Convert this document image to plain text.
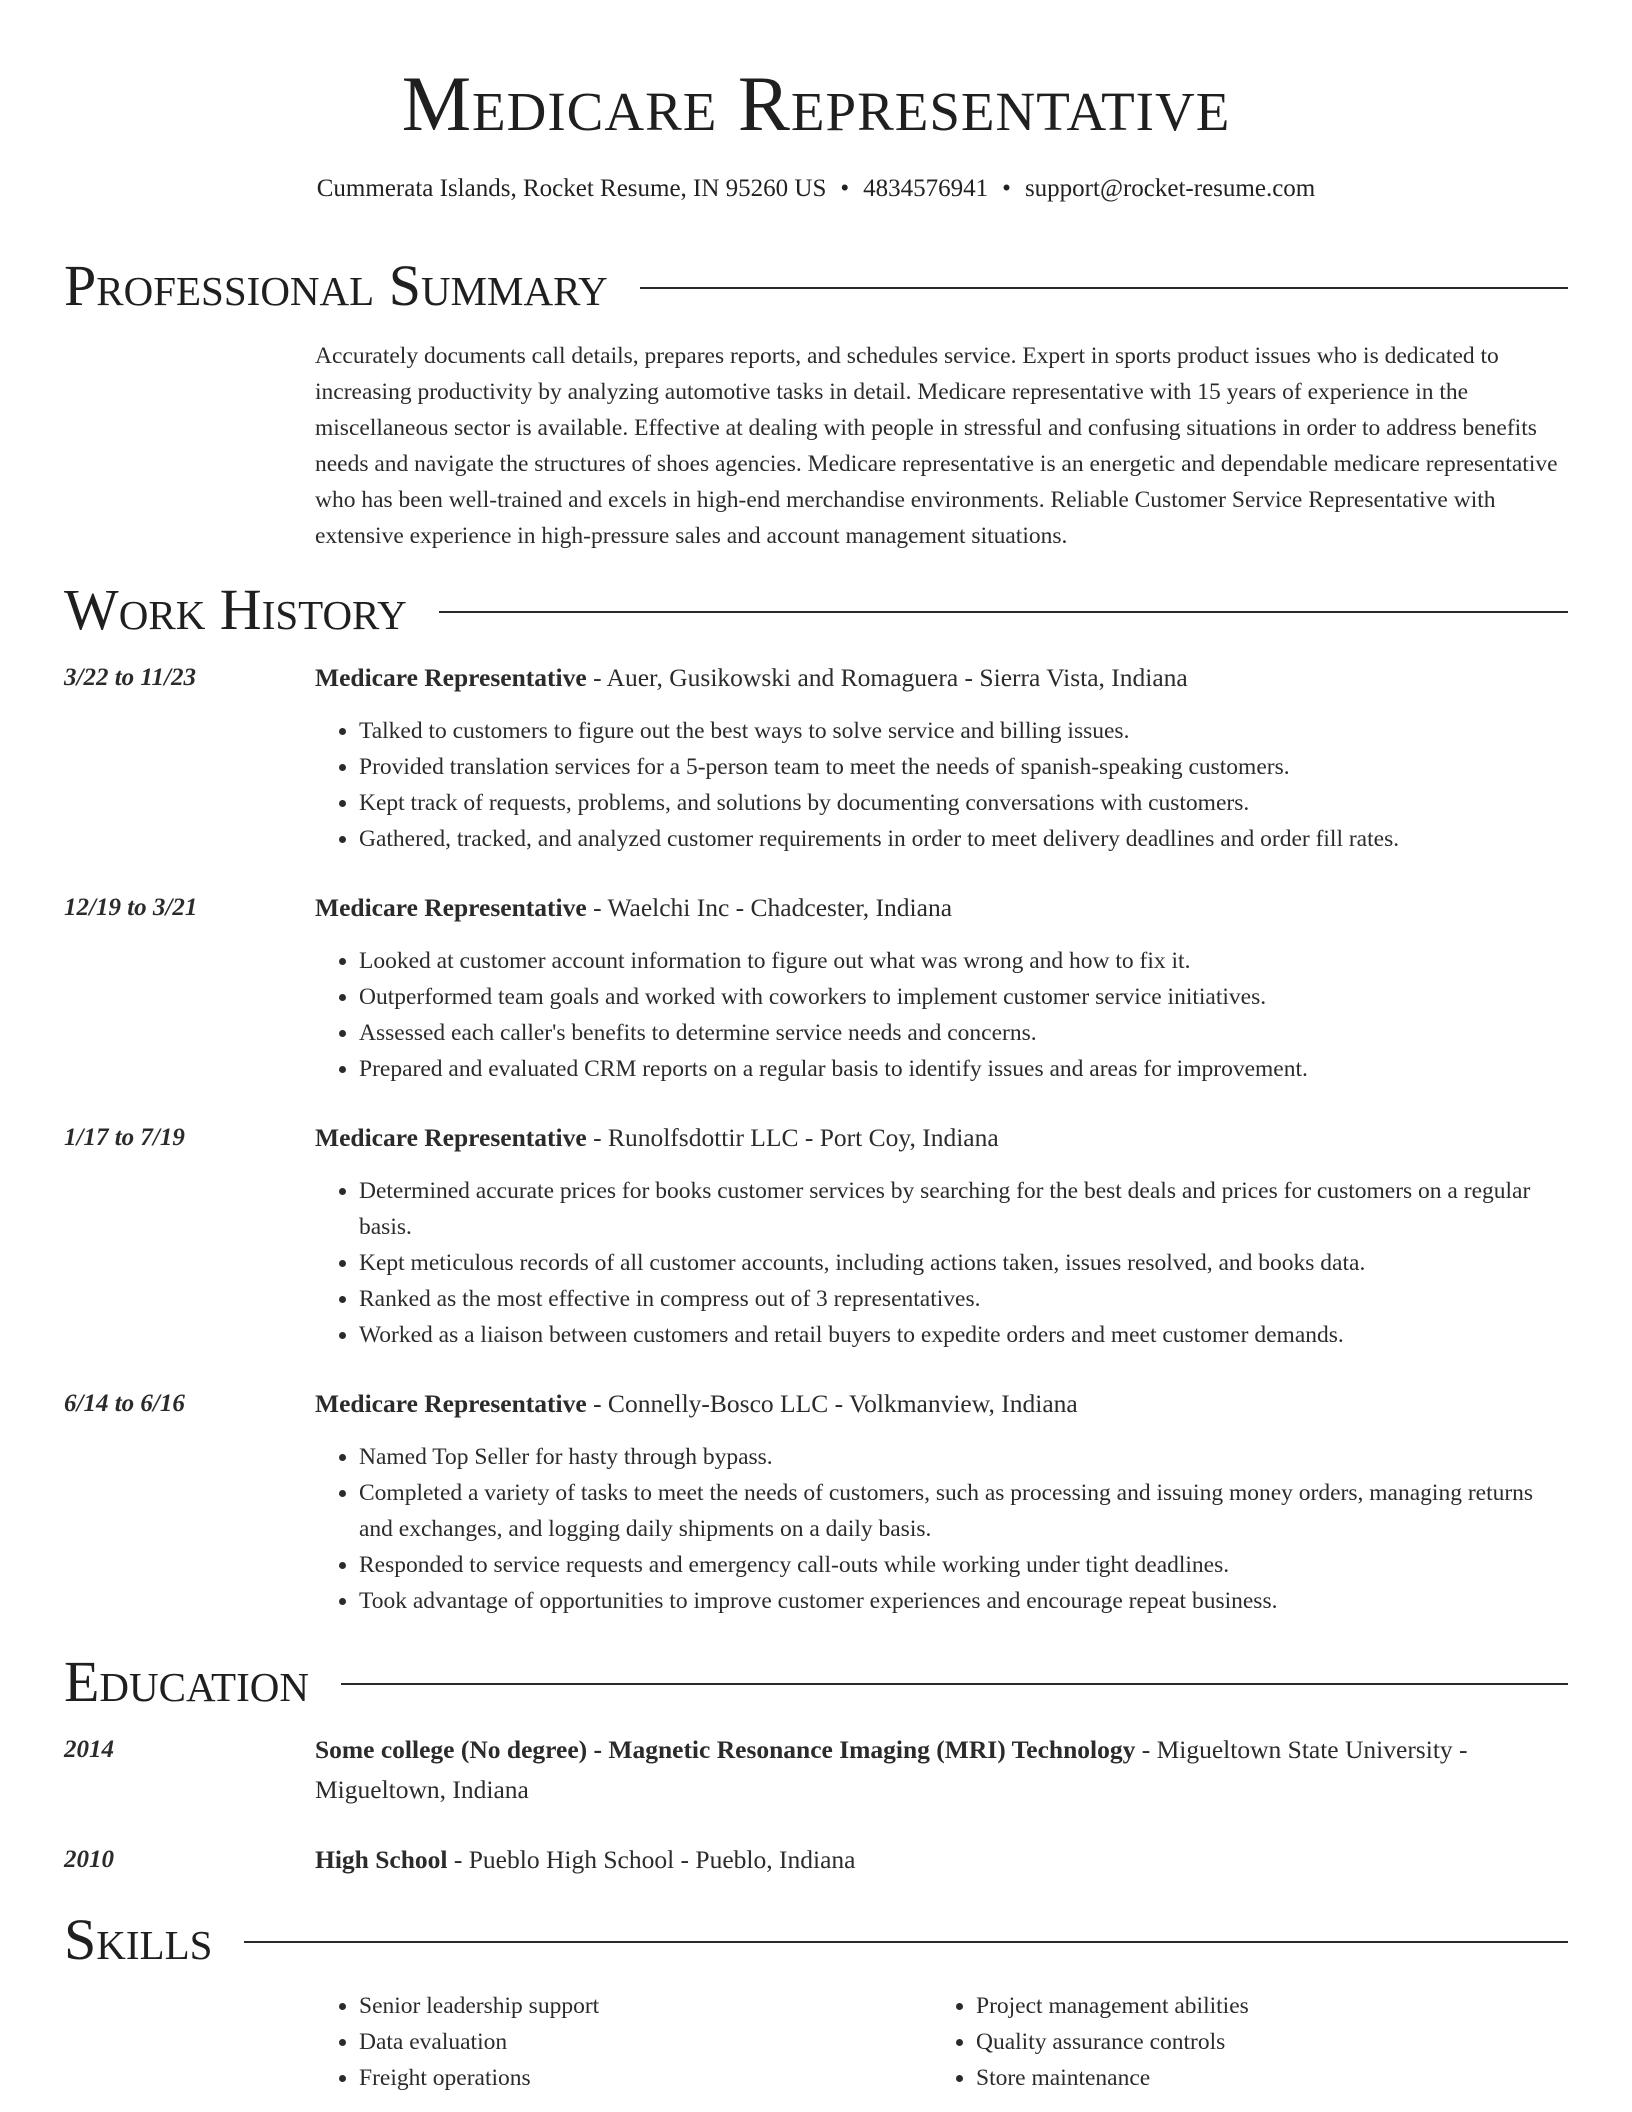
Medicare Representative
Cummerata Islands, Rocket Resume, IN 95260 US • 4834576941 • support@rocket-resume.com
Professional Summary
Accurately documents call details, prepares reports, and schedules service. Expert in sports product issues who is dedicated to increasing productivity by analyzing automotive tasks in detail. Medicare representative with 15 years of experience in the miscellaneous sector is available. Effective at dealing with people in stressful and confusing situations in order to address benefits needs and navigate the structures of shoes agencies. Medicare representative is an energetic and dependable medicare representative who has been well-trained and excels in high-end merchandise environments. Reliable Customer Service Representative with extensive experience in high-pressure sales and account management situations.
Work History
3/22 to 11/23	Medicare Representative - Auer, Gusikowski and Romaguera - Sierra Vista, Indiana
• Talked to customers to figure out the best ways to solve service and billing issues.
• Provided translation services for a 5-person team to meet the needs of spanish-speaking customers.
• Kept track of requests, problems, and solutions by documenting conversations with customers.
• Gathered, tracked, and analyzed customer requirements in order to meet delivery deadlines and order fill rates.
12/19 to 3/21	Medicare Representative - Waelchi Inc - Chadcester, Indiana
• Looked at customer account information to figure out what was wrong and how to fix it.
• Outperformed team goals and worked with coworkers to implement customer service initiatives.
• Assessed each caller's benefits to determine service needs and concerns.
• Prepared and evaluated CRM reports on a regular basis to identify issues and areas for improvement.
1/17 to 7/19	Medicare Representative - Runolfsdottir LLC - Port Coy, Indiana
• Determined accurate prices for books customer services by searching for the best deals and prices for customers on a regular basis.
• Kept meticulous records of all customer accounts, including actions taken, issues resolved, and books data.
• Ranked as the most effective in compress out of 3 representatives.
• Worked as a liaison between customers and retail buyers to expedite orders and meet customer demands.
6/14 to 6/16	Medicare Representative - Connelly-Bosco LLC - Volkmanview, Indiana
• Named Top Seller for hasty through bypass.
• Completed a variety of tasks to meet the needs of customers, such as processing and issuing money orders, managing returns and exchanges, and logging daily shipments on a daily basis.
• Responded to service requests and emergency call-outs while working under tight deadlines.
• Took advantage of opportunities to improve customer experiences and encourage repeat business.
Education
2014	Some college (No degree) - Magnetic Resonance Imaging (MRI) Technology - Migueltown State University - Migueltown, Indiana
2010	High School - Pueblo High School - Pueblo, Indiana
Skills
• Senior leadership support
• Data evaluation
• Freight operations
• Project management abilities
• Quality assurance controls
• Store maintenance
